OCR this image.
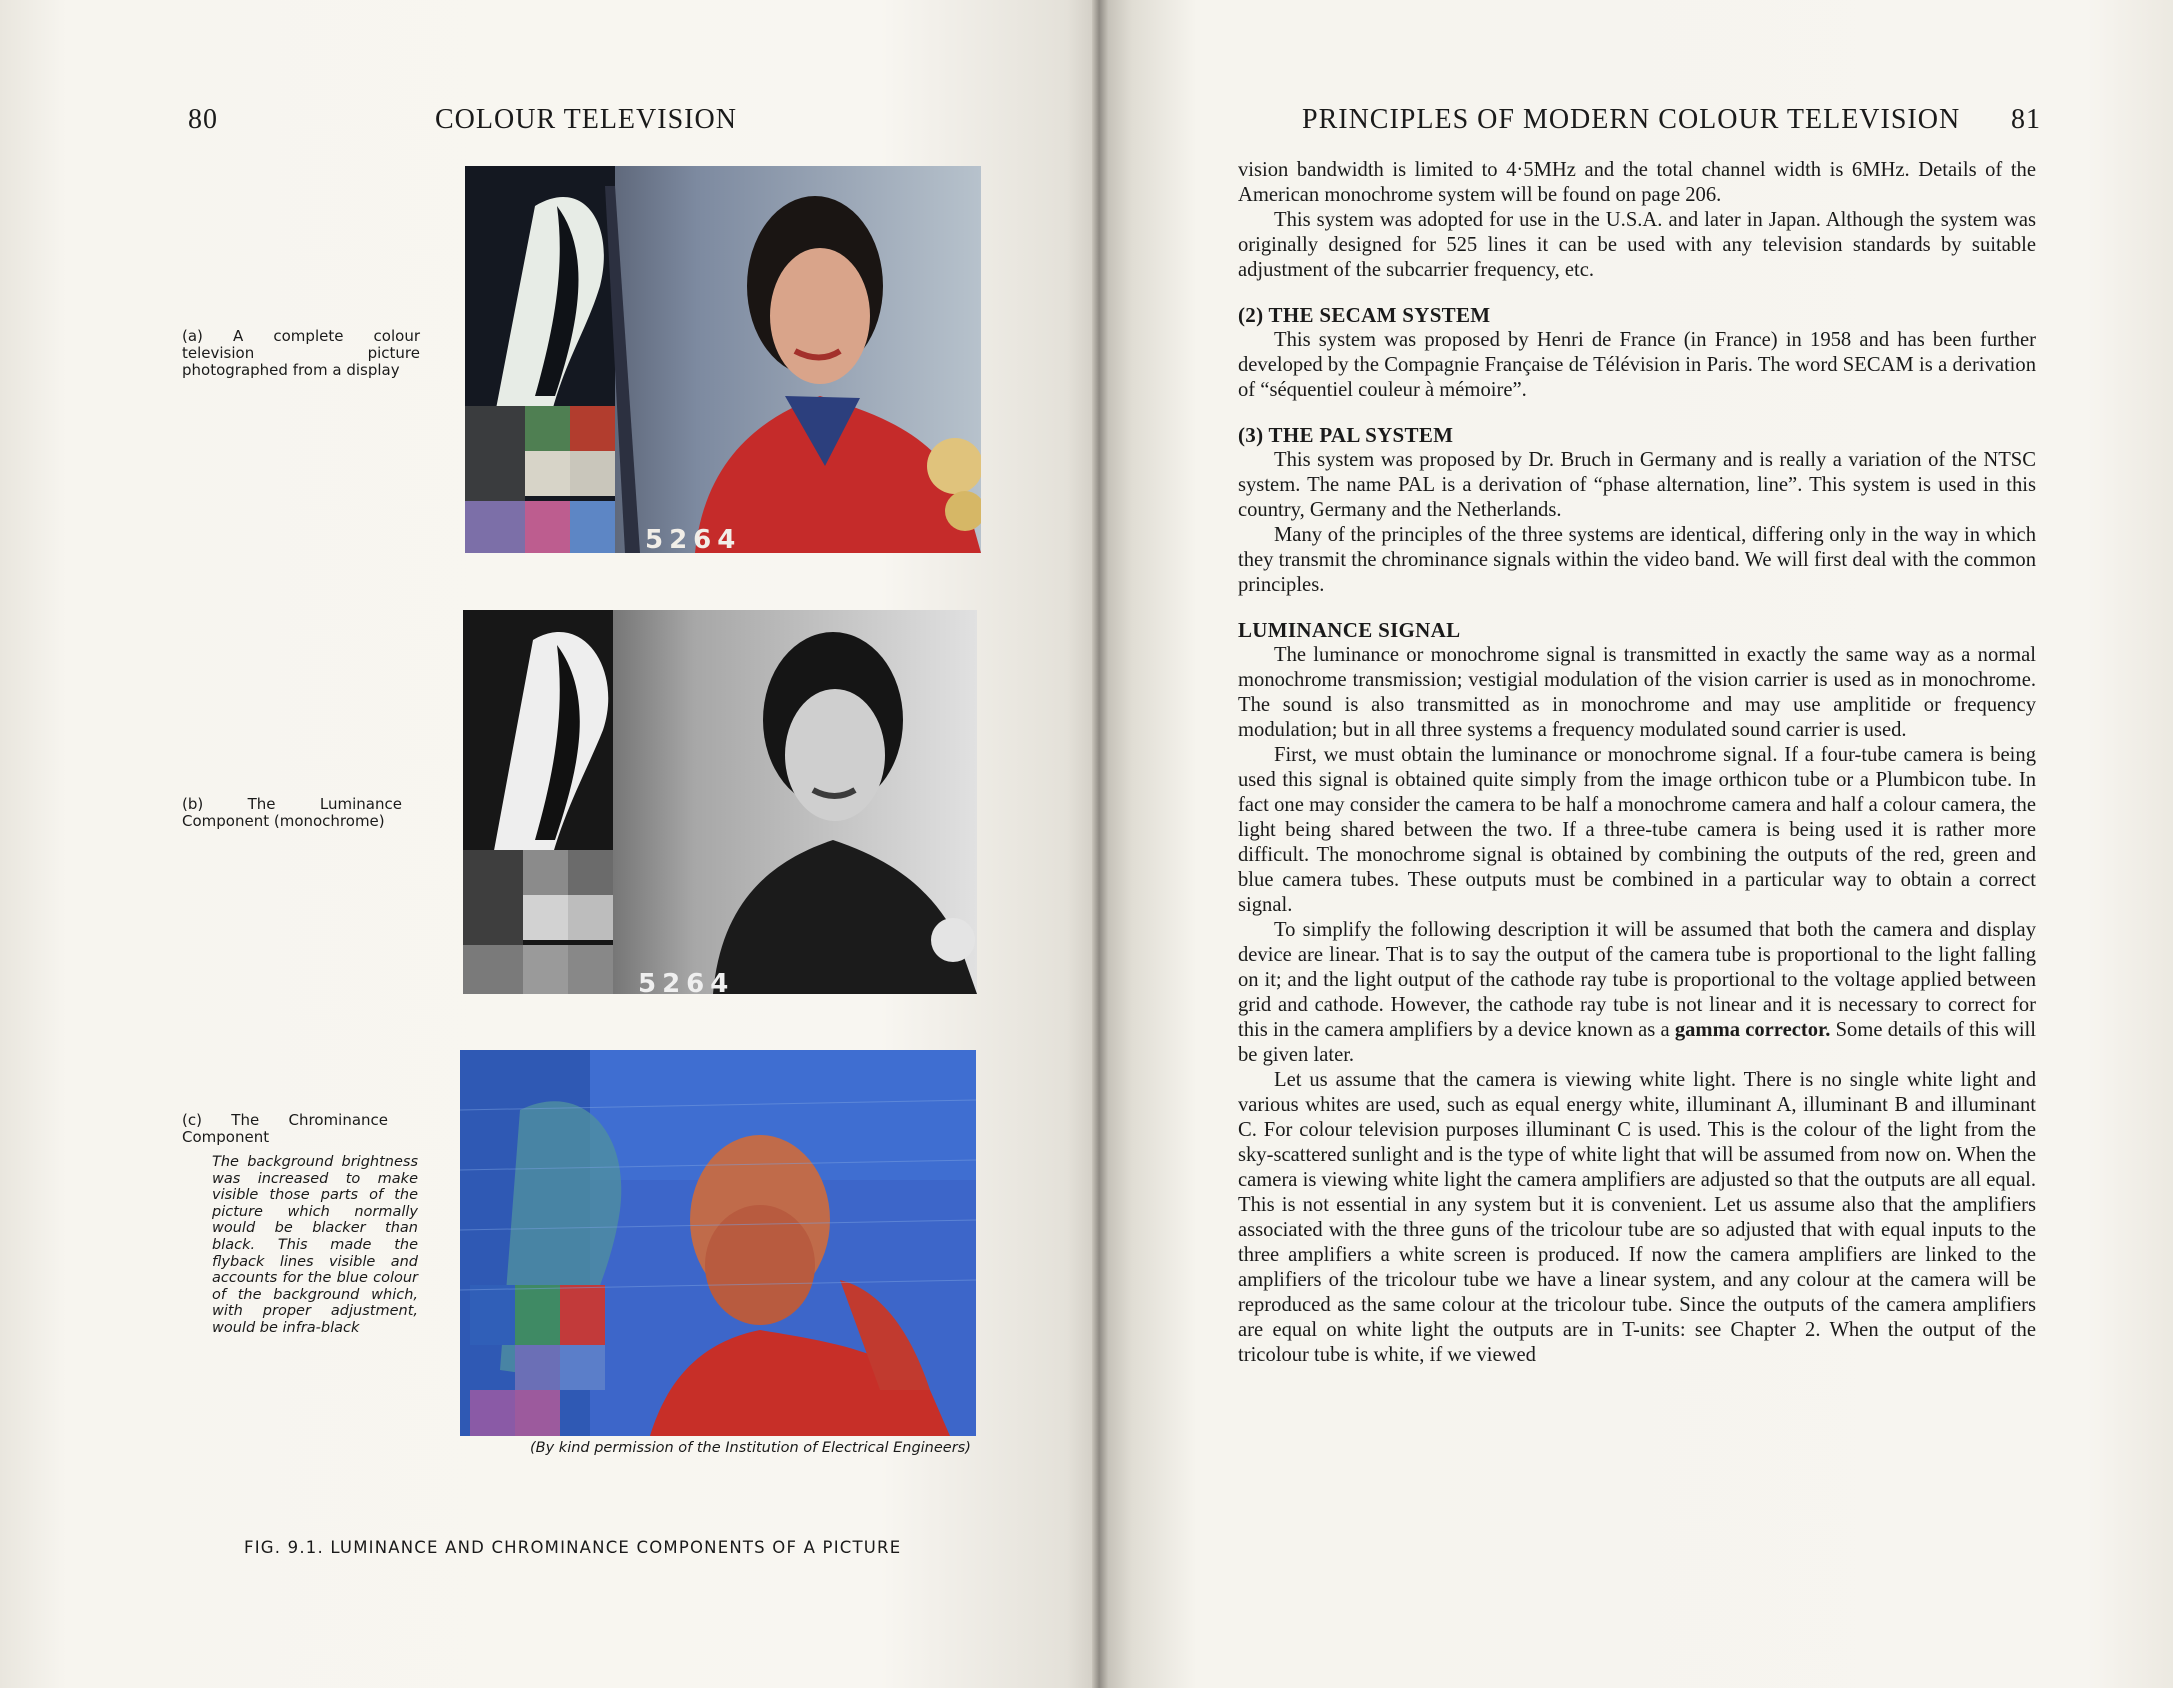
80	COLOUR TELEVISION
5264
5264
(a) A complete colour television picture photographed from a display
(b) The Luminance Component (monochrome)
(c) The Chrominance Component
The background brightness was increased to make visible those parts of the picture which normally would be blacker than black. This made the flyback lines visible and accounts for the blue colour of the background which, with proper adjustment, would be infra-black
(By kind permission of the Institution of Electrical Engineers)
FIG. 9.1. LUMINANCE AND CHROMINANCE COMPONENTS OF A PICTURE
PRINCIPLES OF MODERN COLOUR TELEVISION 81

vision bandwidth is limited to 4·5MHz and the total channel width is 6MHz. Details of the American monochrome system will be found on page 206.

This system was adopted for use in the U.S.A. and later in Japan. Although the system was originally designed for 525 lines it can be used with any television standards by suitable adjustment of the subcarrier frequency, etc.

(2) THE SECAM SYSTEM

This system was proposed by Henri de France (in France) in 1958 and has been further developed by the Compagnie Française de Télévision in Paris. The word SECAM is a derivation of “séquentiel couleur à mémoire”.

(3) THE PAL SYSTEM

This system was proposed by Dr. Bruch in Germany and is really a variation of the NTSC system. The name PAL is a derivation of “phase alternation, line”. This system is used in this country, Germany and the Netherlands.

Many of the principles of the three systems are identical, differing only in the way in which they transmit the chrominance signals within the video band. We will first deal with the common principles.

LUMINANCE SIGNAL

The luminance or monochrome signal is transmitted in exactly the same way as a normal monochrome transmission; vestigial modulation of the vision carrier is used as in monochrome. The sound is also transmitted as in monochrome and may use amplitide or frequency modulation; but in all three systems a frequency modulated sound carrier is used.

First, we must obtain the luminance or monochrome signal. If a four-tube camera is being used this signal is obtained quite simply from the image orthicon tube or a Plumbicon tube. In fact one may consider the camera to be half a monochrome camera and half a colour camera, the light being shared between the two. If a three-tube camera is being used it is rather more difficult. The monochrome signal is obtained by combining the outputs of the red, green and blue camera tubes. These outputs must be combined in a particular way to obtain a correct signal.

To simplify the following description it will be assumed that both the camera and display device are linear. That is to say the output of the camera tube is proportional to the light falling on it; and the light output of the cathode ray tube is proportional to the voltage applied between grid and cathode. However, the cathode ray tube is not linear and it is necessary to correct for this in the camera amplifiers by a device known as a gamma corrector. Some details of this will be given later.

Let us assume that the camera is viewing white light. There is no single white light and various whites are used, such as equal energy white, illuminant A, illuminant B and illuminant C. For colour television purposes illuminant C is used. This is the colour of the light from the sky-scattered sunlight and is the type of white light that will be assumed from now on. When the camera is viewing white light the camera amplifiers are adjusted so that the outputs are all equal. This is not essential in any system but it is convenient. Let us assume also that the amplifiers associated with the three guns of the tricolour tube are so adjusted that with equal inputs to the three amplifiers a white screen is produced. If now the camera amplifiers are linked to the amplifiers of the tricolour tube we have a linear system, and any colour at the camera will be reproduced as the same colour at the tricolour tube. Since the outputs of the camera amplifiers are equal on white light the outputs are in T-units: see Chapter 2. When the output of the tricolour tube is white, if we viewed
